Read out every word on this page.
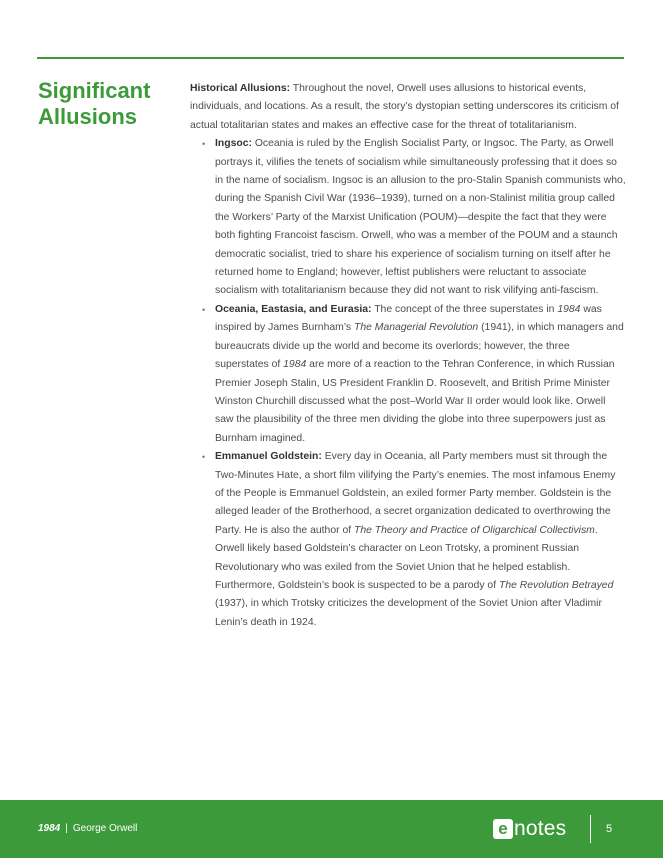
Significant
Allusions

Historical Allusions: Throughout the novel, Orwell uses allusions to historical events, individuals, and locations. As a result, the story’s dystopian setting underscores its criticism of actual totalitarian states and makes an effective case for the threat of totalitarianism.

• Ingsoc: Oceania is ruled by the English Socialist Party, or Ingsoc. The Party, as Orwell portrays it, vilifies the tenets of socialism while simultaneously professing that it does so in the name of socialism. Ingsoc is an allusion to the pro-Stalin Spanish communists who, during the Spanish Civil War (1936–1939), turned on a non-Stalinist militia group called the Workers’ Party of the Marxist Unification (POUM)—despite the fact that they were both fighting Francoist fascism. Orwell, who was a member of the POUM and a staunch democratic socialist, tried to share his experience of socialism turning on itself after he returned home to England; however, leftist publishers were reluctant to associate socialism with totalitarianism because they did not want to risk vilifying anti-fascism.
• Oceania, Eastasia, and Eurasia: The concept of the three superstates in 1984 was inspired by James Burnham’s The Managerial Revolution (1941), in which managers and bureaucrats divide up the world and become its overlords; however, the three superstates of 1984 are more of a reaction to the Tehran Conference, in which Russian Premier Joseph Stalin, US President Franklin D. Roosevelt, and British Prime Minister Winston Churchill discussed what the post–World War II order would look like. Orwell saw the plausibility of the three men dividing the globe into three superpowers just as Burnham imagined.
• Emmanuel Goldstein: Every day in Oceania, all Party members must sit through the Two-Minutes Hate, a short film vilifying the Party’s enemies. The most infamous Enemy of the People is Emmanuel Goldstein, an exiled former Party member. Goldstein is the alleged leader of the Brotherhood, a secret organization dedicated to overthrowing the Party. He is also the author of The Theory and Practice of Oligarchical Collectivism. Orwell likely based Goldstein’s character on Leon Trotsky, a prominent Russian Revolutionary who was exiled from the Soviet Union that he helped establish. Furthermore, Goldstein’s book is suspected to be a parody of The Revolution Betrayed (1937), in which Trotsky criticizes the development of the Soviet Union after Vladimir Lenin’s death in 1924.
1984 | George Orwell	e notes	5
